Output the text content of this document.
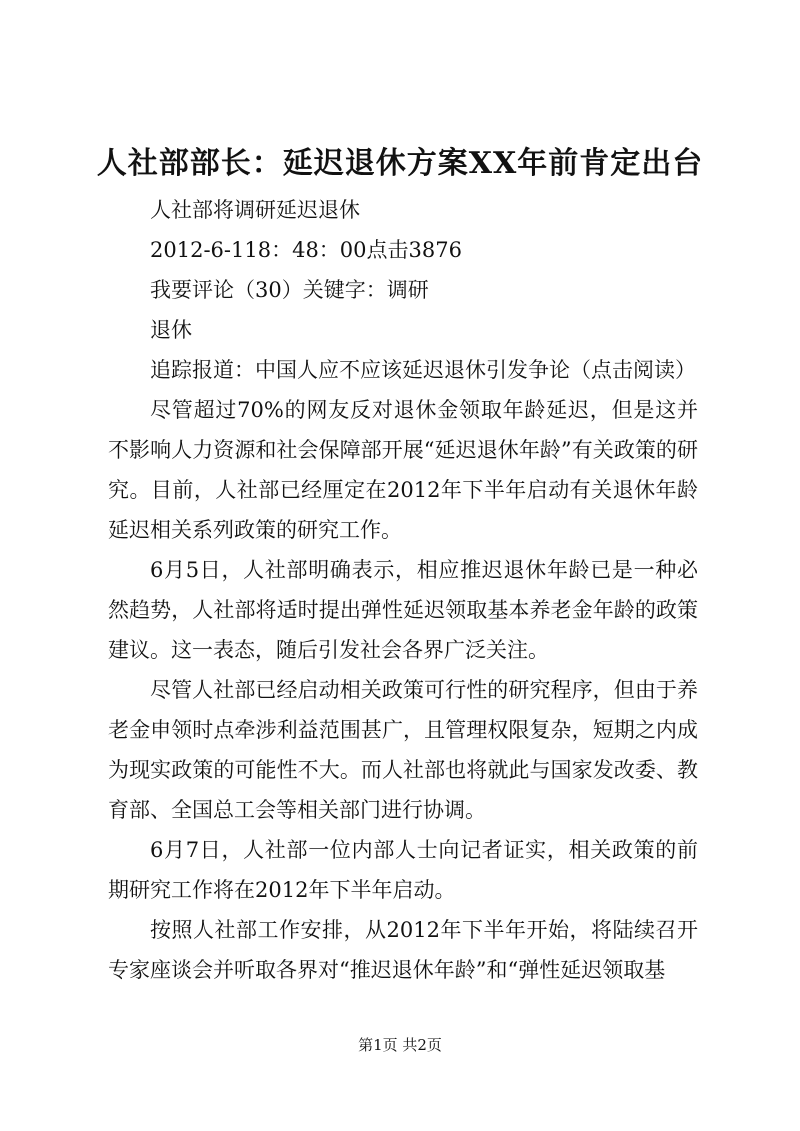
人社部部长：延迟退休方案XX年前肯定出台

人社部将调研延迟退休

2012-6-118：48：00点击3876

我要评论（30）关键字：调研

退休

追踪报道：中国人应不应该延迟退休引发争论（点击阅读）

尽管超过70%的网友反对退休金领取年龄延迟，但是这并不影响人力资源和社会保障部开展“延迟退休年龄”有关政策的研究。目前，人社部已经厘定在2012年下半年启动有关退休年龄延迟相关系列政策的研究工作。

6月5日，人社部明确表示，相应推迟退休年龄已是一种必然趋势，人社部将适时提出弹性延迟领取基本养老金年龄的政策建议。这一表态，随后引发社会各界广泛关注。

尽管人社部已经启动相关政策可行性的研究程序，但由于养老金申领时点牵涉利益范围甚广，且管理权限复杂，短期之内成为现实政策的可能性不大。而人社部也将就此与国家发改委、教育部、全国总工会等相关部门进行协调。

6月7日，人社部一位内部人士向记者证实，相关政策的前期研究工作将在2012年下半年启动。

按照人社部工作安排，从2012年下半年开始，将陆续召开专家座谈会并听取各界对“推迟退休年龄”和“弹性延迟领取基

第1页 共2页
